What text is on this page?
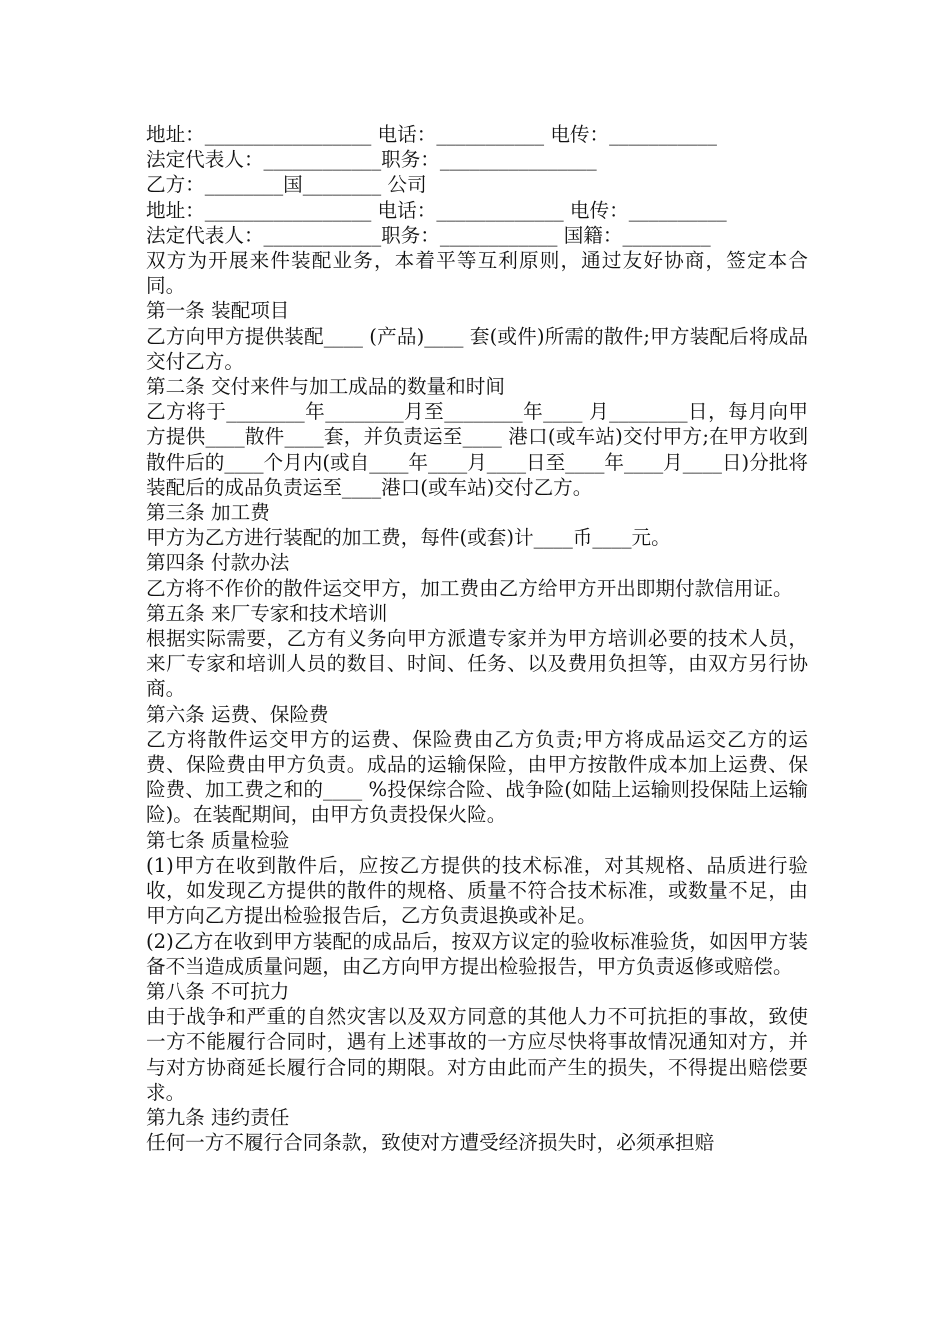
地址：_________________ 电话：___________ 电传：___________
法定代表人：____________职务：________________
乙方：________国________ 公司
地址：_________________ 电话：_____________ 电传：__________
法定代表人：____________职务：____________ 国籍：_________
双方为开展来件装配业务，本着平等互利原则，通过友好协商，签定本合同。
第一条 装配项目
乙方向甲方提供装配____ (产品)____ 套(或件)所需的散件;甲方装配后将成品交付乙方。
第二条 交付来件与加工成品的数量和时间
乙方将于________年________月至________年____ 月________日，每月向甲方提供____散件____套，并负责运至____ 港口(或车站)交付甲方;在甲方收到散件后的____个月内(或自____年____月____日至____年____月____日)分批将装配后的成品负责运至____港口(或车站)交付乙方。
第三条 加工费
甲方为乙方进行装配的加工费，每件(或套)计____币____元。
第四条 付款办法
乙方将不作价的散件运交甲方，加工费由乙方给甲方开出即期付款信用证。
第五条 来厂专家和技术培训
根据实际需要，乙方有义务向甲方派遣专家并为甲方培训必要的技术人员，来厂专家和培训人员的数目、时间、任务、以及费用负担等，由双方另行协商。
第六条 运费、保险费
乙方将散件运交甲方的运费、保险费由乙方负责;甲方将成品运交乙方的运费、保险费由甲方负责。成品的运输保险，由甲方按散件成本加上运费、保险费、加工费之和的____ %投保综合险、战争险(如陆上运输则投保陆上运输险)。在装配期间，由甲方负责投保火险。
第七条 质量检验
(1)甲方在收到散件后，应按乙方提供的技术标准，对其规格、品质进行验收，如发现乙方提供的散件的规格、质量不符合技术标准，或数量不足，由甲方向乙方提出检验报告后，乙方负责退换或补足。
(2)乙方在收到甲方装配的成品后，按双方议定的验收标准验货，如因甲方装备不当造成质量问题，由乙方向甲方提出检验报告，甲方负责返修或赔偿。
第八条 不可抗力
由于战争和严重的自然灾害以及双方同意的其他人力不可抗拒的事故，致使一方不能履行合同时，遇有上述事故的一方应尽快将事故情况通知对方，并与对方协商延长履行合同的期限。对方由此而产生的损失，不得提出赔偿要求。
第九条 违约责任
任何一方不履行合同条款，致使对方遭受经济损失时，必须承担赔
